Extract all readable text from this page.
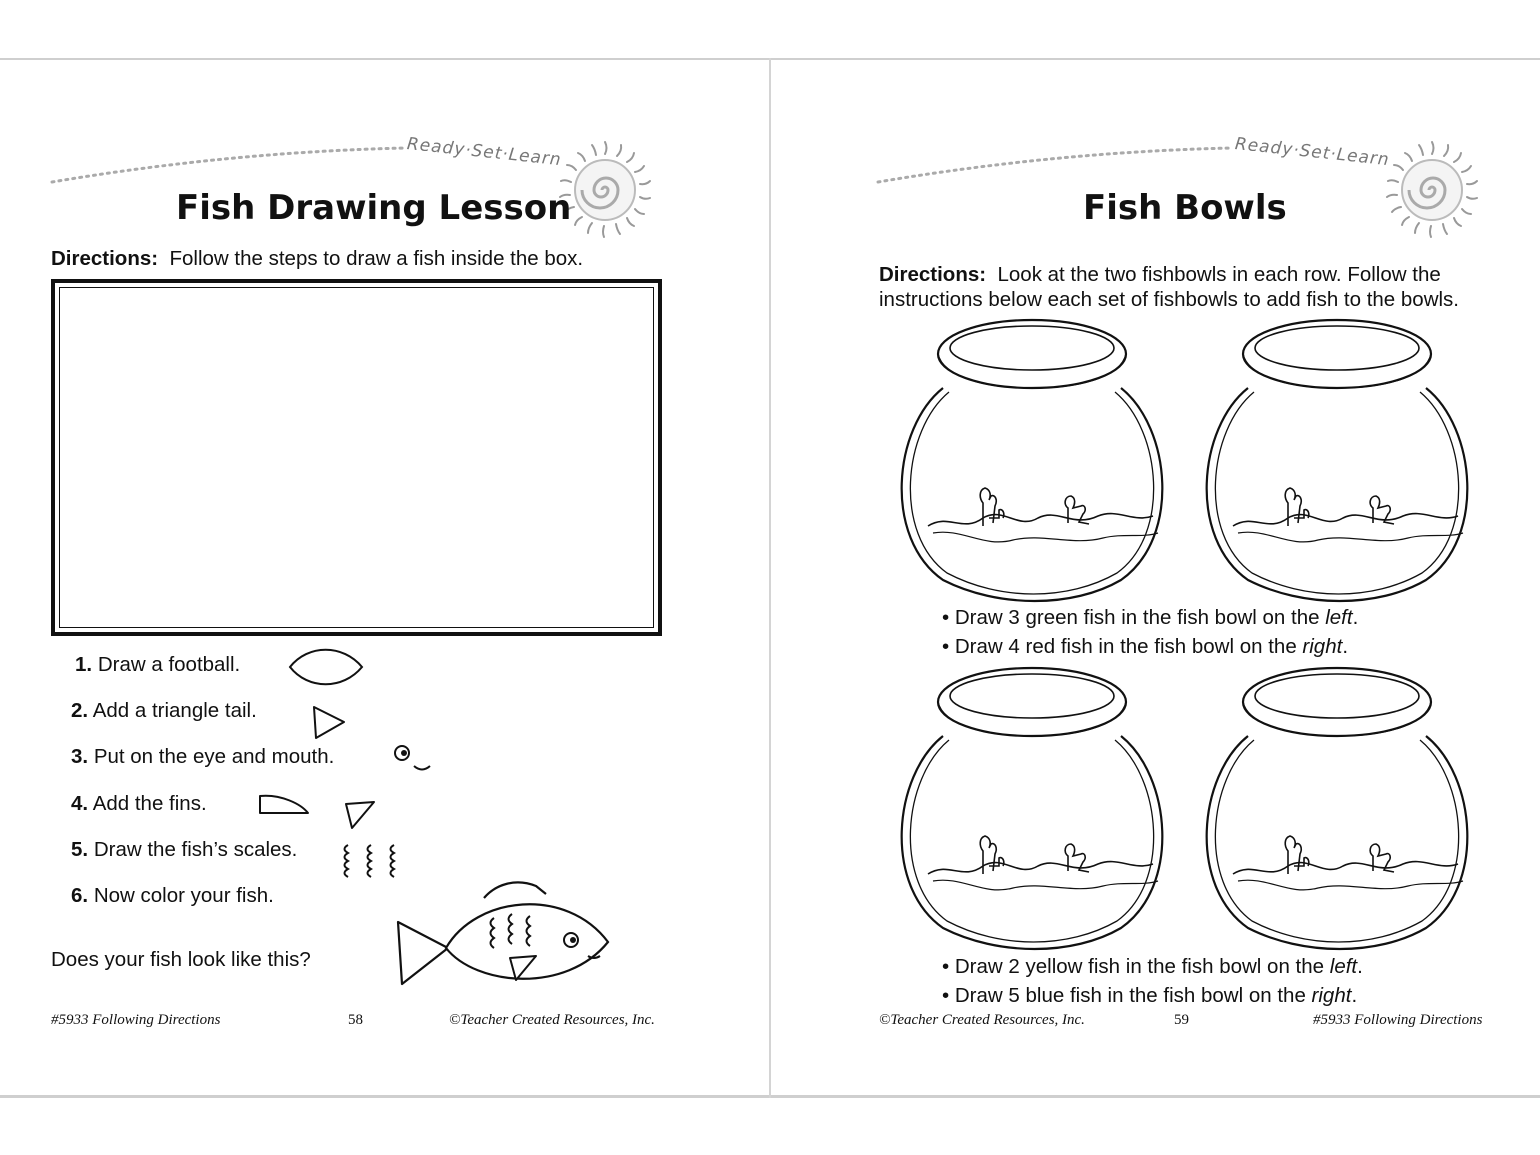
Ready·Set·Learn
Fish Drawing Lesson
Directions: Follow the steps to draw a fish inside the box.
1. Draw a football.
2. Add a triangle tail.
3. Put on the eye and mouth.
4. Add the fins.
5. Draw the fish’s scales.
6. Now color your fish.
Does your fish look like this?
#5933 Following Directions	58	©Teacher Created Resources, Inc.
Ready·Set·Learn
Fish Bowls
Directions: Look at the two fishbowls in each row. Follow the
instructions below each set of fishbowls to add fish to the bowls.
• Draw 3 green fish in the fish bowl on the left.
• Draw 4 red fish in the fish bowl on the right.
• Draw 2 yellow fish in the fish bowl on the left.
• Draw 5 blue fish in the fish bowl on the right.
©Teacher Created Resources, Inc.	59	#5933 Following Directions
